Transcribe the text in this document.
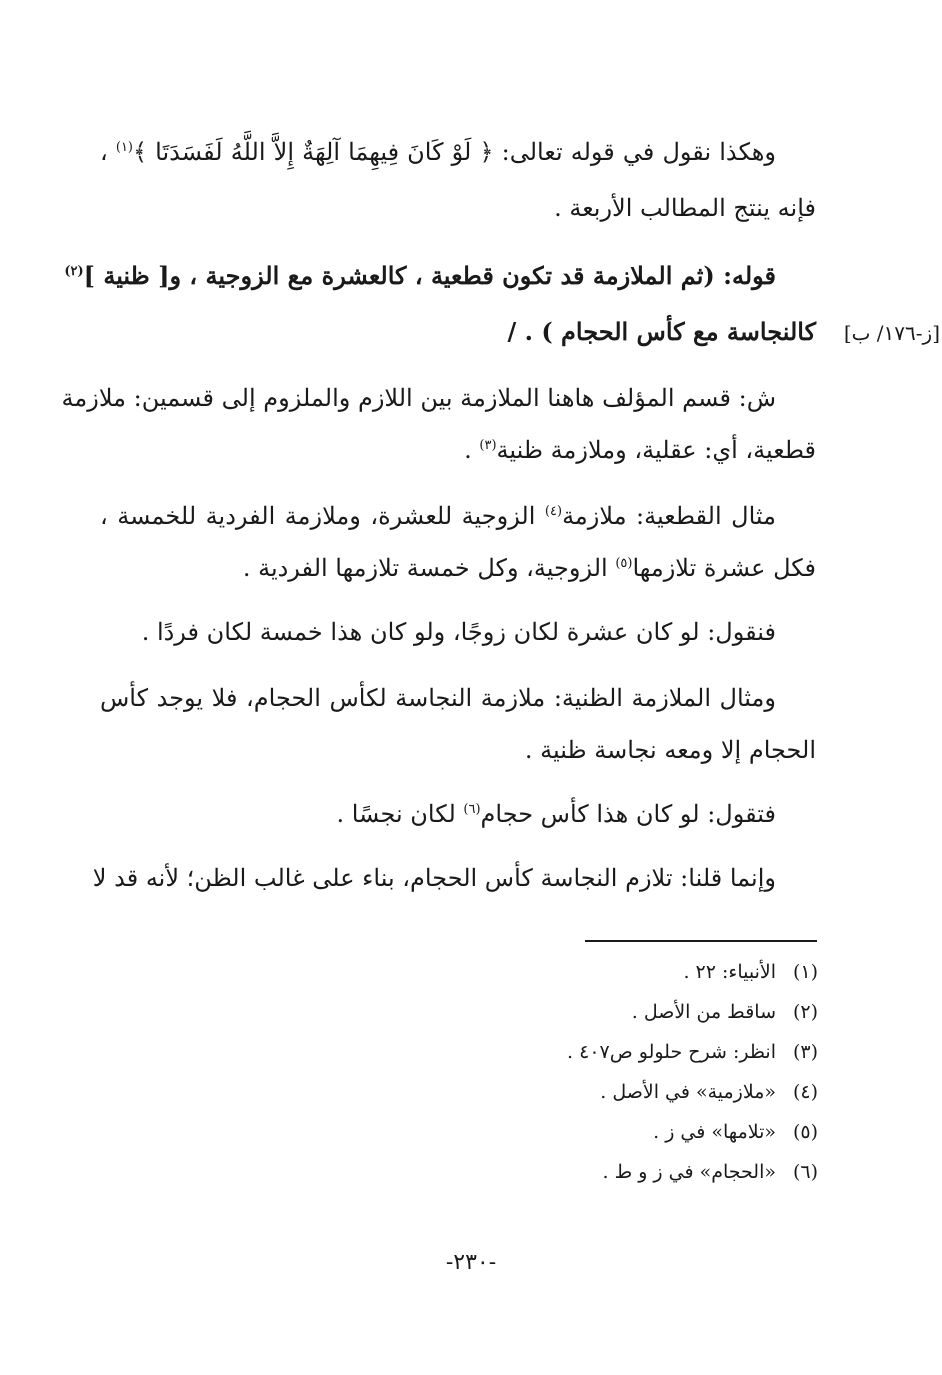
وهكذا نقول في قوله تعالى: ﴿ لَوْ كَانَ فِيهِمَا آلِهَةٌ إِلاَّ اللَّهُ لَفَسَدَتَا ﴾$^{(١)}$ ،
فإنه ينتج المطالب الأربعة .
قوله: (ثم الملازمة قد تكون قطعية ، كالعشرة مع الزوجية ، و[ ظنية ]$^{(٢)}$
كالنجاسة مع كأس الحجام ) . /
ش: قسم المؤلف هاهنا الملازمة بين اللازم والملزوم إلى قسمين: ملازمة
قطعية، أي: عقلية، وملازمة ظنية$^{(٣)}$ .
مثال القطعية: ملازمة$^{(٤)}$ الزوجية للعشرة، وملازمة الفردية للخمسة ،
فكل عشرة تلازمها$^{(٥)}$ الزوجية، وكل خمسة تلازمها الفردية .
فنقول: لو كان عشرة لكان زوجًا، ولو كان هذا خمسة لكان فردًا .
ومثال الملازمة الظنية: ملازمة النجاسة لكأس الحجام، فلا يوجد كأس
الحجام إلا ومعه نجاسة ظنية .
فتقول: لو كان هذا كأس حجام$^{(٦)}$ لكان نجسًا .
وإنما قلنا: تلازم النجاسة كأس الحجام، بناء على غالب الظن؛ لأنه قد لا
[ز-١٧٦/ ب]
(١)الأنبياء: ٢٢ .
(٢)ساقط من الأصل .
(٣)انظر: شرح حلولو ص٤٠٧ .
(٤)«ملازمية» في الأصل .
(٥)«تلامها» في ز .
(٦)«الحجام» في ز و ط .
-٢٣٠-
